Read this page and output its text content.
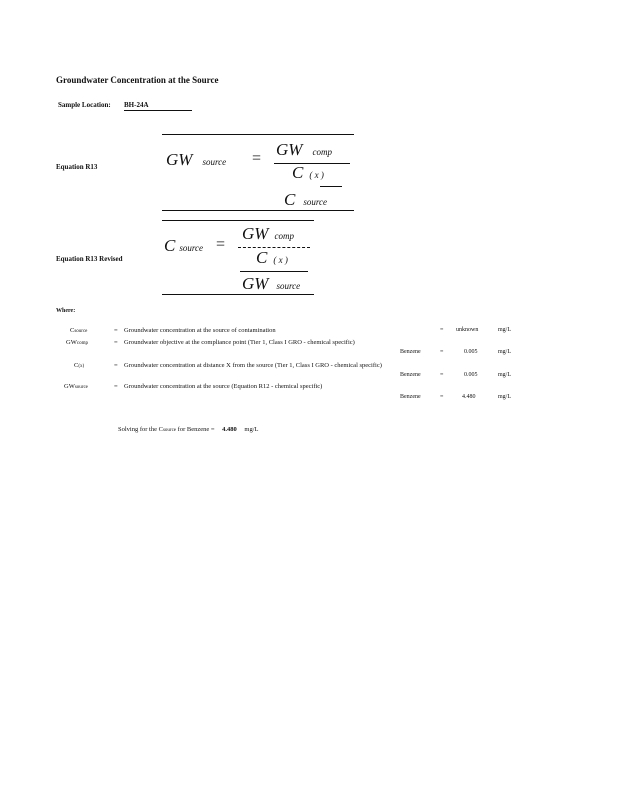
Groundwater Concentration at the Source
Sample Location: BH-24A
Equation R13	GW source = GW comp
C ( x )
C source
Equation R13 Revised
C source =
GW comp
C ( x )
GW source
Where:
Csource	= Groundwater concentration at the source of contamination	= unknown	mg/L
GWcomp	= Groundwater objective at the compliance point (Tier 1, Class I GRO - chemical specific)
Benzene	=	0.005	mg/L
C(x)	= Groundwater concentration at distance X from the source (Tier 1, Class I GRO - chemical specific)
Benzene	=	0.005	mg/L
GWsource	= Groundwater concentration at the source (Equation R12 - chemical specific)
Benzene	=	4.480	mg/L
Solving for the Csource for Benzene = 4.480 mg/L
